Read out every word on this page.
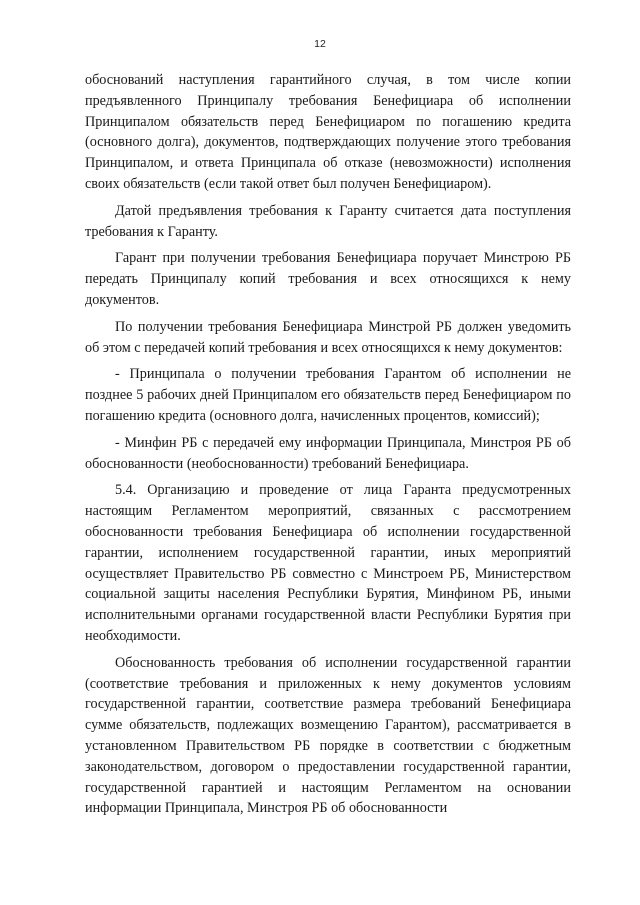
12

обоснований наступления гарантийного случая, в том числе копии предъявленного Принципалу требования Бенефициара об исполнении Принципалом обязательств перед Бенефициаром по погашению кредита (основного долга), документов, подтверждающих получение этого требования Принципалом, и ответа Принципала об отказе (невозможности) исполнения своих обязательств (если такой ответ был получен Бенефициаром).

Датой предъявления требования к Гаранту считается дата поступления требования к Гаранту.

Гарант при получении требования Бенефициара поручает Минстрою РБ передать Принципалу копий требования и всех относящихся к нему документов.

По получении требования Бенефициара Минстрой РБ должен уведомить об этом с передачей копий требования и всех относящихся к нему документов:

- Принципала о получении требования Гарантом об исполнении не позднее 5 рабочих дней Принципалом его обязательств перед Бенефициаром по погашению кредита (основного долга, начисленных процентов, комиссий);

- Минфин РБ с передачей ему информации Принципала, Минстроя РБ об обоснованности (необоснованности) требований Бенефициара.

5.4. Организацию и проведение от лица Гаранта предусмотренных настоящим Регламентом мероприятий, связанных с рассмотрением обоснованности требования Бенефициара об исполнении государственной гарантии, исполнением государственной гарантии, иных мероприятий осуществляет Правительство РБ совместно с Минстроем РБ, Министерством социальной защиты населения Республики Бурятия, Минфином РБ, иными исполнительными органами государственной власти Республики Бурятия при необходимости.

Обоснованность требования об исполнении государственной гарантии (соответствие требования и приложенных к нему документов условиям государственной гарантии, соответствие размера требований Бенефициара сумме обязательств, подлежащих возмещению Гарантом), рассматривается в установленном Правительством РБ порядке в соответствии с бюджетным законодательством, договором о предоставлении государственной гарантии, государственной гарантией и настоящим Регламентом на основании информации Принципала, Минстроя РБ об обоснованности
